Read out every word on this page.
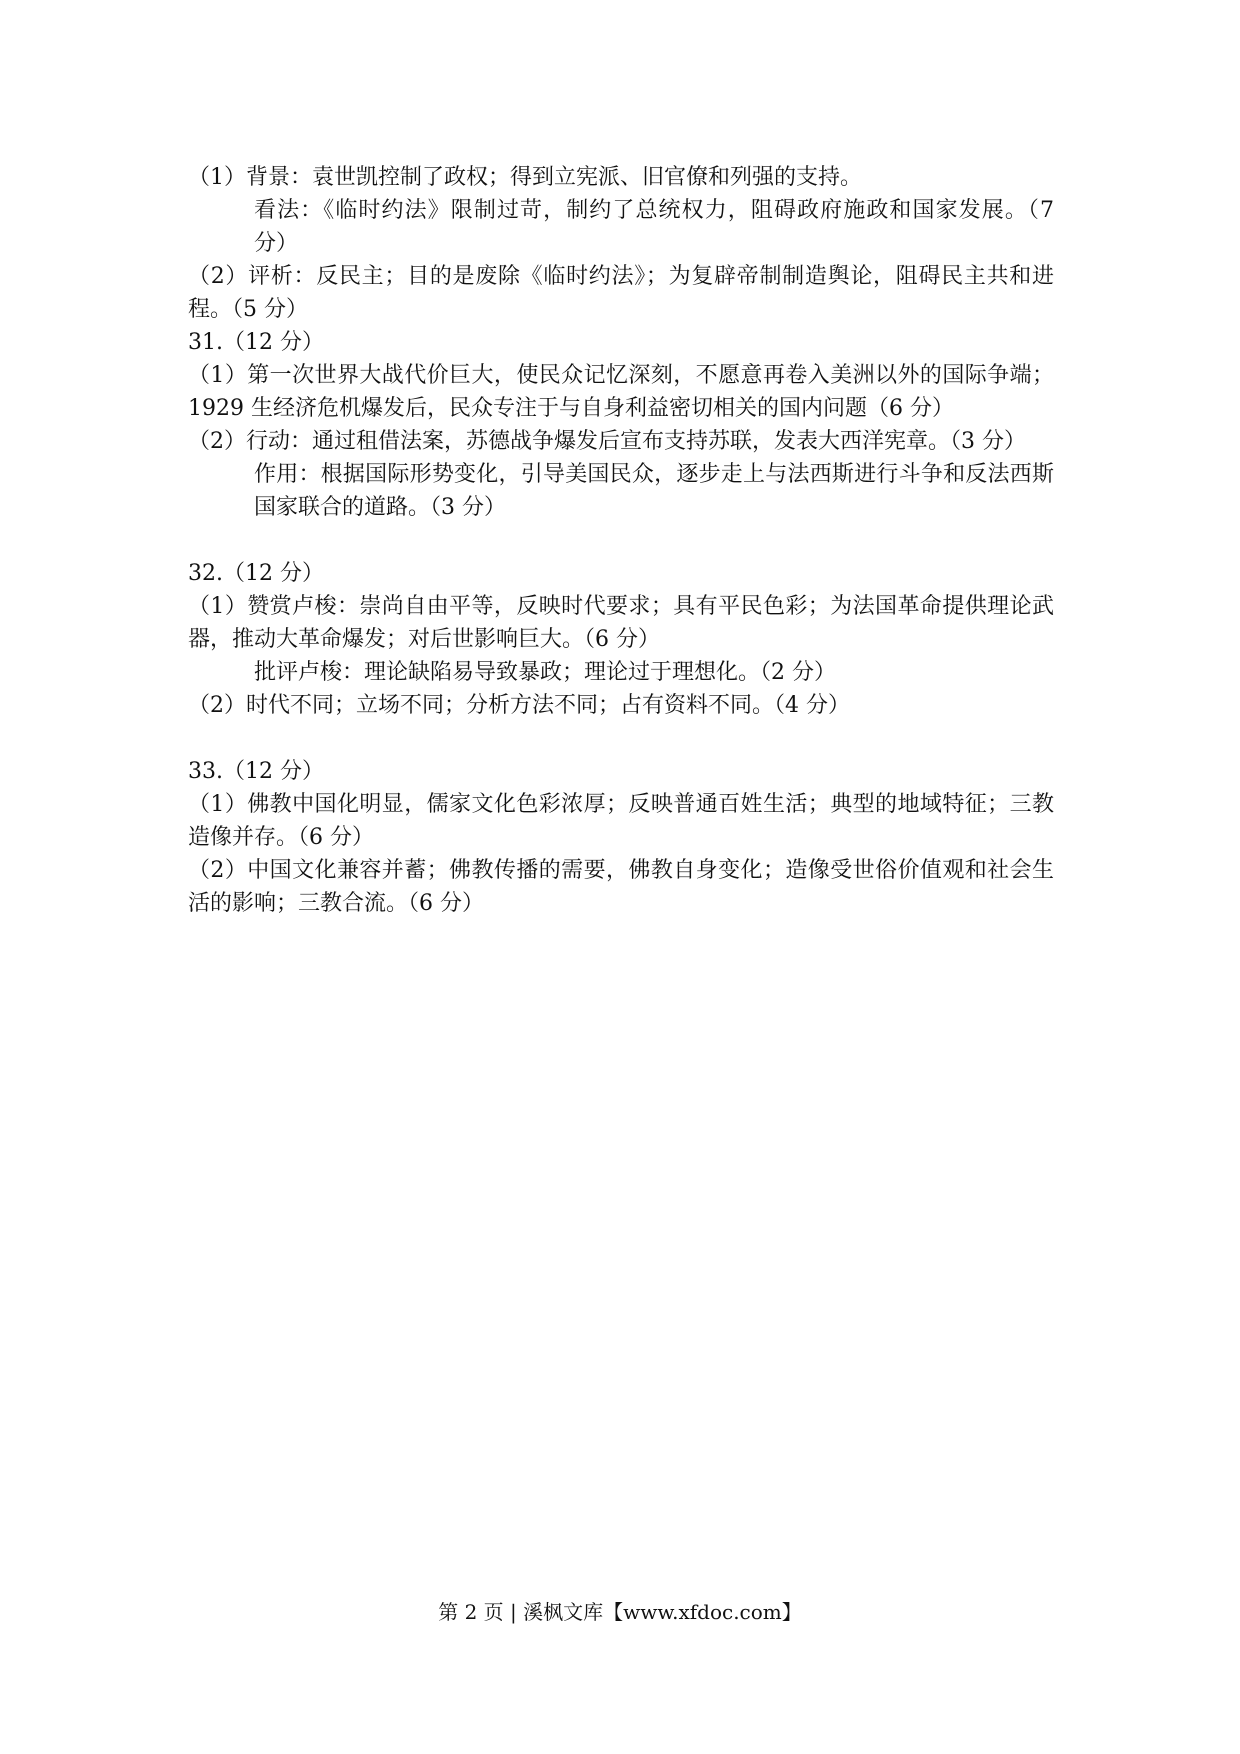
（1）背景：袁世凯控制了政权；得到立宪派、旧官僚和列强的支持。
看法：《临时约法》限制过苛，制约了总统权力，阻碍政府施政和国家发展。（7 分）
（2）评析：反民主；目的是废除《临时约法》；为复辟帝制制造舆论，阻碍民主共和进程。（5 分）
31.（12 分）
（1）第一次世界大战代价巨大，使民众记忆深刻，不愿意再卷入美洲以外的国际争端；1929 生经济危机爆发后，民众专注于与自身利益密切相关的国内问题（6 分）
（2）行动：通过租借法案，苏德战争爆发后宣布支持苏联，发表大西洋宪章。（3 分）
作用：根据国际形势变化，引导美国民众，逐步走上与法西斯进行斗争和反法西斯国家联合的道路。（3 分）
32.（12 分）
（1）赞赏卢梭：崇尚自由平等，反映时代要求；具有平民色彩；为法国革命提供理论武器，推动大革命爆发；对后世影响巨大。（6 分）
批评卢梭：理论缺陷易导致暴政；理论过于理想化。（2 分）
（2）时代不同；立场不同；分析方法不同；占有资料不同。（4 分）
33.（12 分）
（1）佛教中国化明显，儒家文化色彩浓厚；反映普通百姓生活；典型的地域特征；三教造像并存。（6 分）
（2）中国文化兼容并蓄；佛教传播的需要，佛教自身变化；造像受世俗价值观和社会生活的影响；三教合流。（6 分）
第 2 页 | 溪枫文库【www.xfdoc.com】
